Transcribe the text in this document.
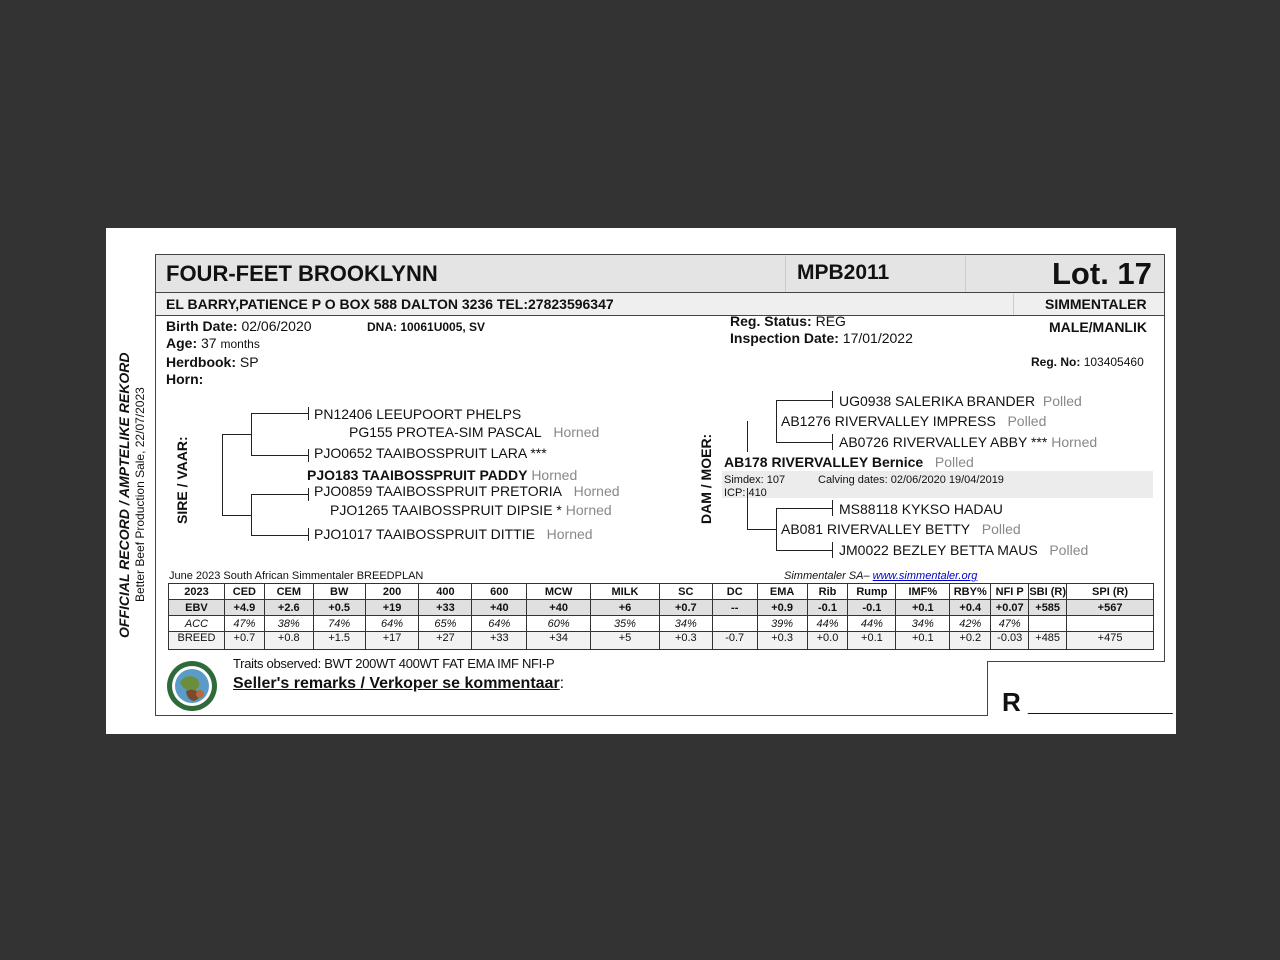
OFFICIAL RECORD / AMPTELIKE REKORD Better Beef Production Sale, 22/07/2023
FOUR-FEET BROOKLYNN	MPB2011	Lot. 17
EL BARRY,PATIENCE P O BOX 588 DALTON 3236 TEL:27823596347	SIMMENTALER
MALE/MANLIK
Birth Date: 02/06/2020	DNA: 10061U005, SV
Age: 37 months
Herdbook: SP
Horn:
Reg. Status: REG
Inspection Date: 17/01/2022
Reg. No: 103405460
SIRE / VAAR:	DAM / MOER:
PN12406 LEEUPOORT PHELPS
PG155 PROTEA-SIM PASCAL Horned
PJO0652 TAAIBOSSPRUIT LARA ***
PJO183 TAAIBOSSPRUIT PADDY Horned
PJO0859 TAAIBOSSPRUIT PRETORIA Horned
PJO1265 TAAIBOSSPRUIT DIPSIE * Horned
PJO1017 TAAIBOSSPRUIT DITTIE Horned
UG0938 SALERIKA BRANDER Polled
AB1276 RIVERVALLEY IMPRESS Polled
AB0726 RIVERVALLEY ABBY *** Horned
AB178 RIVERVALLEY Bernice Polled
Simdex: 107	Calving dates: 02/06/2020 19/04/2019
ICP: 410
MS88118 KYKSO HADAU
AB081 RIVERVALLEY BETTY Polled
JM0022 BEZLEY BETTA MAUS Polled
June 2023 South African Simmentaler BREEDPLAN	Simmentaler SA– www.simmentaler.org
2023	CED	CEM	BW	200	400	600	MCW	MILK	SC	DC	EMA	Rib	Rump	IMF%	RBY%	NFI P	SBI (R)	SPI (R)
EBV	+4.9	+2.6	+0.5	+19	+33	+40	+40	+6	+0.7	--	+0.9	-0.1	-0.1	+0.1	+0.4	+0.07	+585	+567
ACC	47%	38%	74%	64%	65%	64%	60%	35%	34%		39%	44%	44%	34%	42%	47%		
BREED	+0.7	+0.8	+1.5	+17	+27	+33	+34	+5	+0.3	-0.7	+0.3	+0.0	+0.1	+0.1	+0.2	-0.03	+485	+475
Traits observed: BWT 200WT 400WT FAT EMA IMF NFI-P
Seller's remarks / Verkoper se kommentaar:
R __________
